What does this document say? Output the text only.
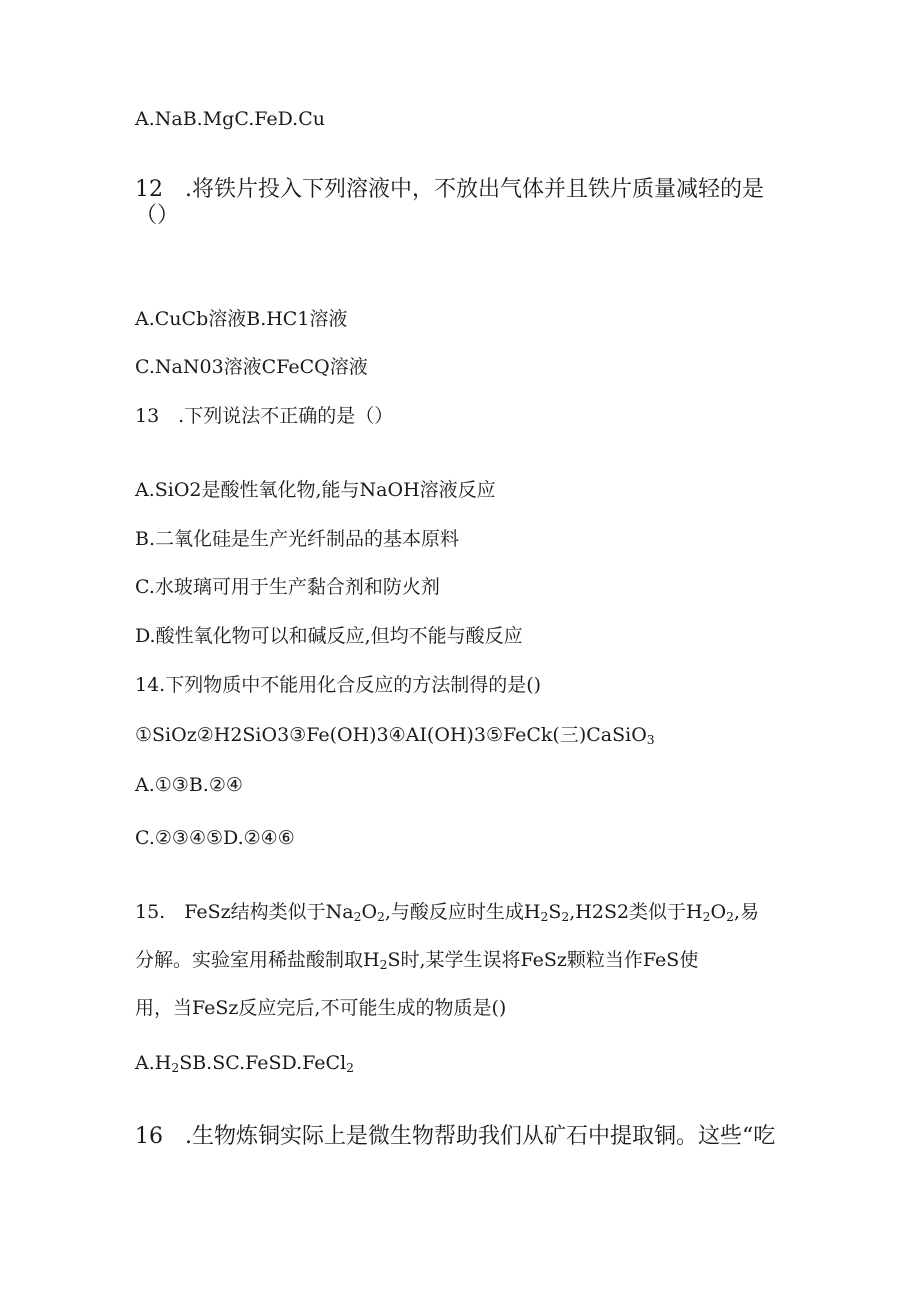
A.NaB.MgC.FeD.Cu
12　.将铁片投入下列溶液中，不放出气体并且铁片质量减轻的是
（）
A.CuCb溶液B.HC1溶液
C.NaN03溶液CFeCQ溶液
13　.下列说法不正确的是（）
A.SiO2是酸性氧化物,能与NaOH溶液反应
B.二氧化硅是生产光纤制品的基本原料
C.水玻璃可用于生产黏合剂和防火剂
D.酸性氧化物可以和碱反应,但均不能与酸反应
14.下列物质中不能用化合反应的方法制得的是()
①SiOz②H2SiO3③Fe(OH)3④AI(OH)3⑤FeCk(三)CaSiO$_3$
A.①③B.②④
C.②③④⑤D.②④⑥
15.　FeSz结构类似于$Na_2O_2$,与酸反应时生成$H_2S_2,H2S2$类似于$H_2O_2$,易
分解。实验室用稀盐酸制取$H_2S$时,某学生误将FeSz颗粒当作FeS使
用，当FeSz反应完后,不可能生成的物质是()
$A.H_2SB.SC.FeSD.FeCl_2$
16　.生物炼铜实际上是微生物帮助我们从矿石中提取铜。这些“吃
